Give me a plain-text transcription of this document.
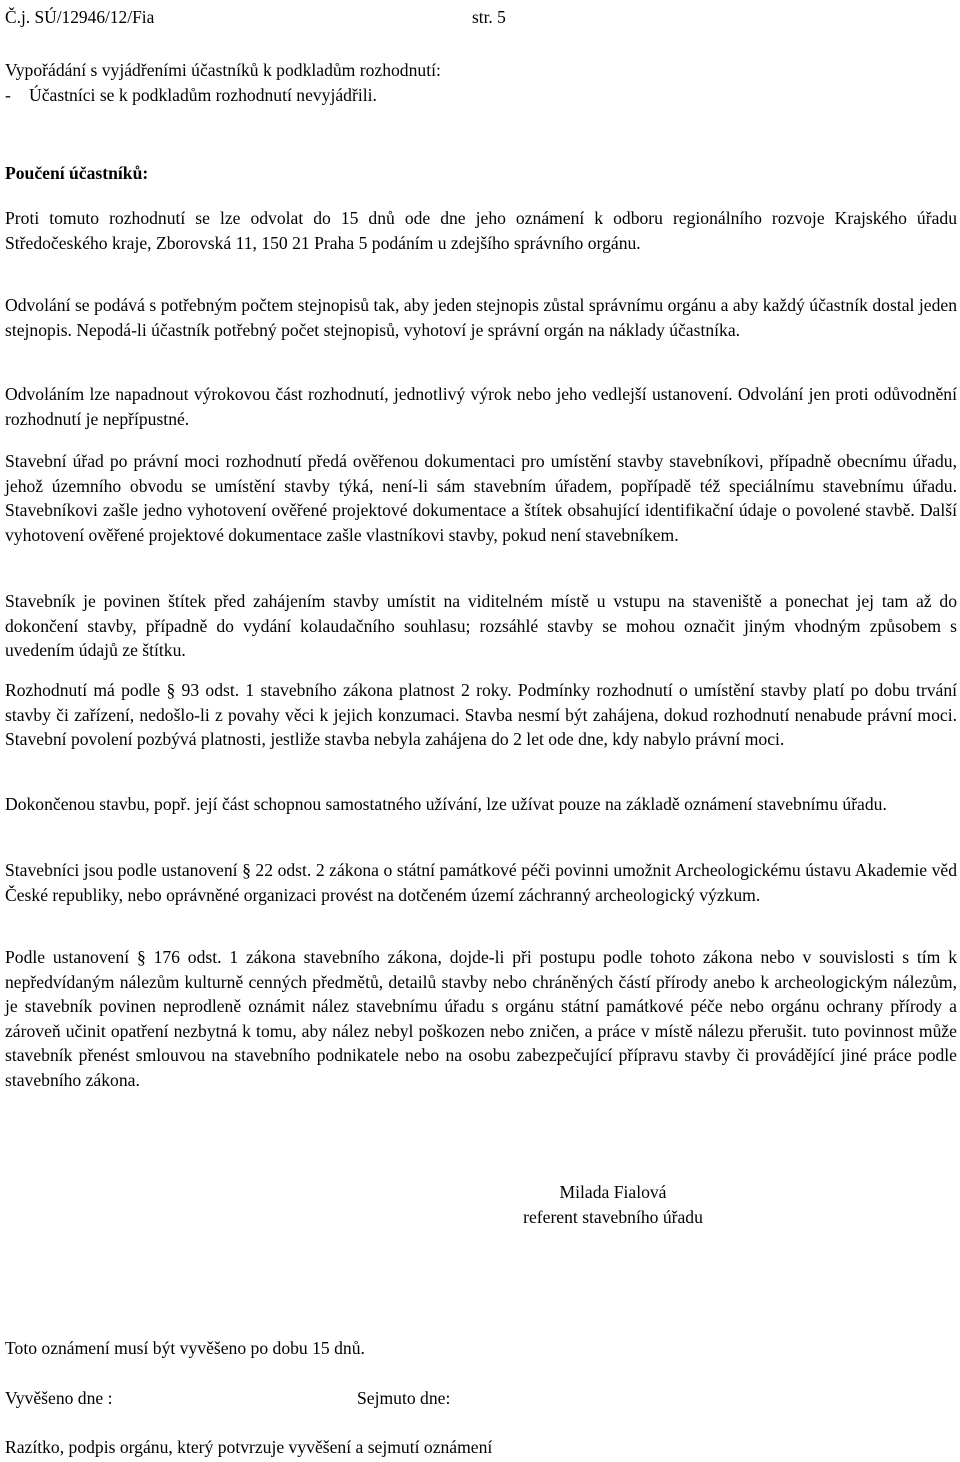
Č.j. SÚ/12946/12/Fia	str. 5
Vypořádání s vyjádřeními účastníků k podkladům rozhodnutí:
- Účastníci se k podkladům rozhodnutí nevyjádřili.
Poučení účastníků:
Proti tomuto rozhodnutí se lze odvolat do 15 dnů ode dne jeho oznámení k odboru regionálního rozvoje Krajského úřadu Středočeského kraje, Zborovská 11, 150 21 Praha 5 podáním u zdejšího správního orgánu.
Odvolání se podává s potřebným počtem stejnopisů tak, aby jeden stejnopis zůstal správnímu orgánu a aby každý účastník dostal jeden stejnopis. Nepodá-li účastník potřebný počet stejnopisů, vyhotoví je správní orgán na náklady účastníka.
Odvoláním lze napadnout výrokovou část rozhodnutí, jednotlivý výrok nebo jeho vedlejší ustanovení. Odvolání jen proti odůvodnění rozhodnutí je nepřípustné.
Stavební úřad po právní moci rozhodnutí předá ověřenou dokumentaci pro umístění stavby stavebníkovi, případně obecnímu úřadu, jehož územního obvodu se umístění stavby týká, není-li sám stavebním úřadem, popřípadě též speciálnímu stavebnímu úřadu. Stavebníkovi zašle jedno vyhotovení ověřené projektové dokumentace a štítek obsahující identifikační údaje o povolené stavbě. Další vyhotovení ověřené projektové dokumentace zašle vlastníkovi stavby, pokud není stavebníkem.
Stavebník je povinen štítek před zahájením stavby umístit na viditelném místě u vstupu na staveniště a ponechat jej tam až do dokončení stavby, případně do vydání kolaudačního souhlasu; rozsáhlé stavby se mohou označit jiným vhodným způsobem s uvedením údajů ze štítku.
Rozhodnutí má podle § 93 odst. 1 stavebního zákona platnost 2 roky. Podmínky rozhodnutí o umístění stavby platí po dobu trvání stavby či zařízení, nedošlo-li z povahy věci k jejich konzumaci. Stavba nesmí být zahájena, dokud rozhodnutí nenabude právní moci. Stavební povolení pozbývá platnosti, jestliže stavba nebyla zahájena do 2 let ode dne, kdy nabylo právní moci.
Dokončenou stavbu, popř. její část schopnou samostatného užívání, lze užívat pouze na základě oznámení stavebnímu úřadu.
Stavebníci jsou podle ustanovení § 22 odst. 2 zákona o státní památkové péči povinni umožnit Archeologickému ústavu Akademie věd České republiky, nebo oprávněné organizaci provést na dotčeném území záchranný archeologický výzkum.
Podle ustanovení § 176 odst. 1 zákona stavebního zákona, dojde-li při postupu podle tohoto zákona nebo v souvislosti s tím k nepředvídaným nálezům kulturně cenných předmětů, detailů stavby nebo chráněných částí přírody anebo k archeologickým nálezům, je stavebník povinen neprodleně oznámit nález stavebnímu úřadu s orgánu státní památkové péče nebo orgánu ochrany přírody a zároveň učinit opatření nezbytná k tomu, aby nález nebyl poškozen nebo zničen, a práce v místě nálezu přerušit. tuto povinnost může stavebník přenést smlouvou na stavebního podnikatele nebo na osobu zabezpečující přípravu stavby či provádějící jiné práce podle stavebního zákona.
Milada Fialová
referent stavebního úřadu
Toto oznámení musí být vyvěšeno po dobu 15 dnů.
Vyvěšeno dne :	Sejmuto dne:
Razítko, podpis orgánu, který potvrzuje vyvěšení a sejmutí oznámení
